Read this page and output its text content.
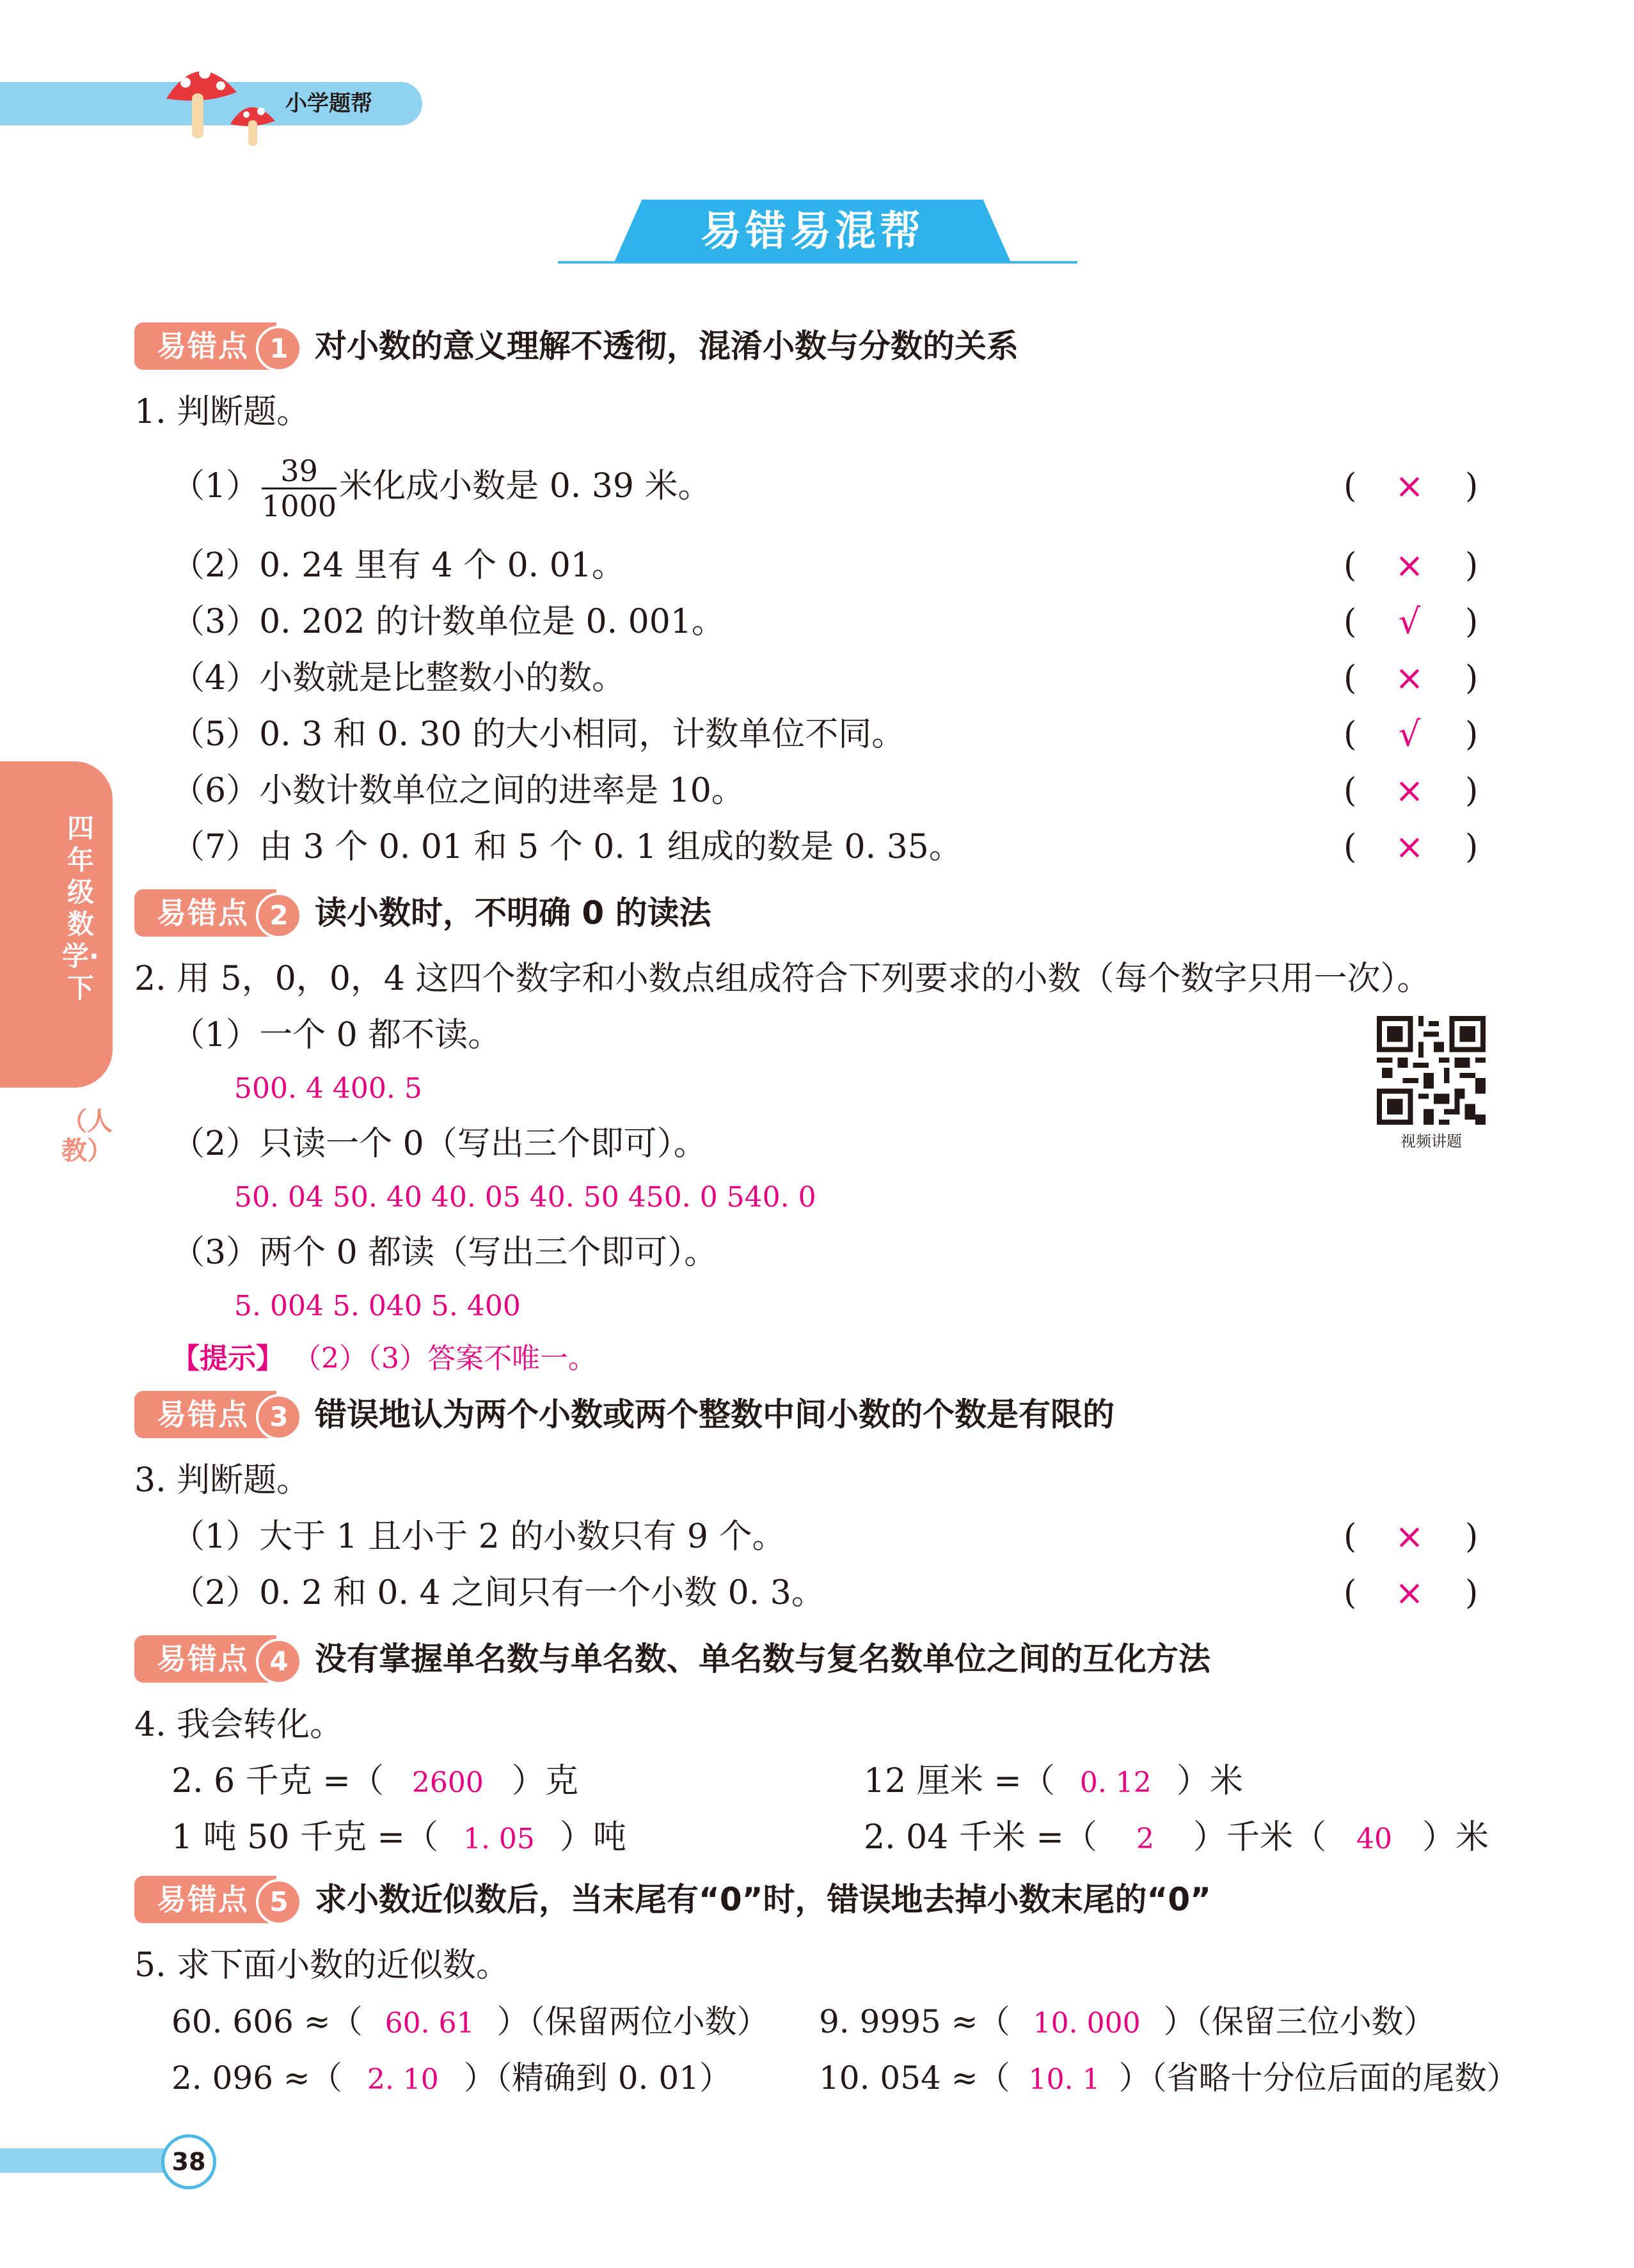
小学题帮
易错易混帮
四年级数学·下
（人教）
易错点 1 对小数的意义理解不透彻，混淆小数与分数的关系
1. 判断题。
$(1) \frac{39}{1000}$ 米化成小数是 0. 39 米。	(	×	)
（2）0. 24 里有 4 个 0. 01。	(	×	)
（3）0. 202 的计数单位是 0. 001。	(	√	)
（4）小数就是比整数小的数。	(	×	)
（5）0. 3 和 0. 30 的大小相同，计数单位不同。	(	√	)
（6）小数计数单位之间的进率是 10。	(	×	)
（7）由 3 个 0. 01 和 5 个 0. 1 组成的数是 0. 35。	(	×	)
易错点 2 读小数时，不明确 0 的读法
2. 用 5，0，0，4 这四个数字和小数点组成符合下列要求的小数（每个数字只用一次）。
（1）一个 0 都不读。
500. 4 400. 5
（2）只读一个 0（写出三个即可）。
50. 04 50. 40 40. 05 40. 50 450. 0 540. 0
（3）两个 0 都读（写出三个即可）。
5. 004 5. 040 5. 400
【提示】 （2）（3）答案不唯一。
视频讲题
易错点 3 错误地认为两个小数或两个整数中间小数的个数是有限的
3. 判断题。
（1）大于 1 且小于 2 的小数只有 9 个。	(	×	)
（2）0. 2 和 0. 4 之间只有一个小数 0. 3。	(	×	)
易错点 4 没有掌握单名数与单名数、单名数与复名数单位之间的互化方法
4. 我会转化。
2. 6 千克 =（ 2600 ）克	12 厘米 =（ 0. 12 ）米
1 吨 50 千克 =（ 1. 05 ）吨	2. 04 千米 =（ 2 ）千米（ 40 ）米
易错点 5 求小数近似数后，当末尾有“0”时，错误地去掉小数末尾的“0”
5. 求下面小数的近似数。
60. 606 ≈（ 60. 61 ）（保留两位小数） 9. 9995 ≈（ 10. 000 ）（保留三位小数）
2. 096 ≈（ 2. 10 ）（精确到 0. 01）	10. 054 ≈（ 10. 1 ）（省略十分位后面的尾数）
38
